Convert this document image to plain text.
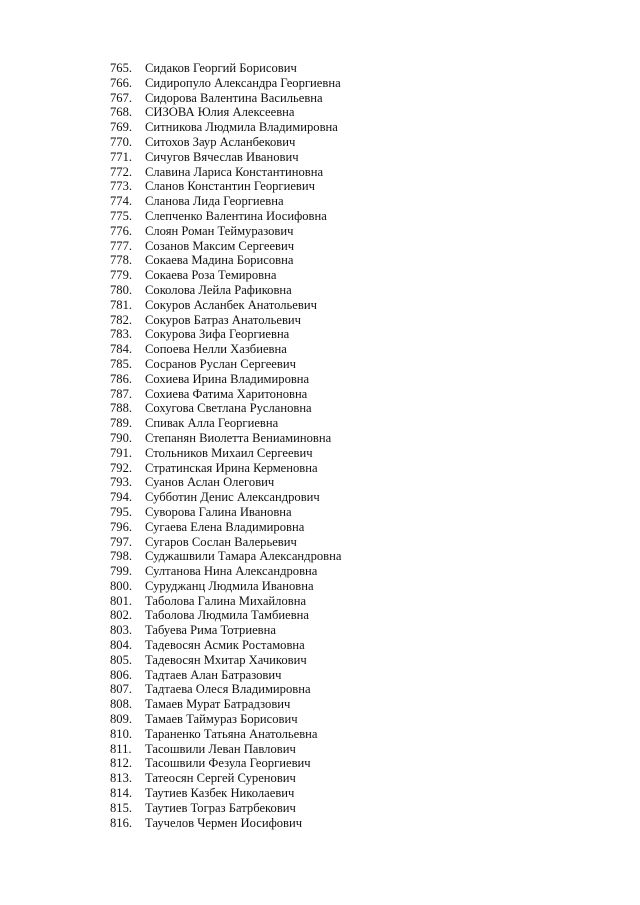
765.	Сидаков Георгий Борисович
766.	Сидиропуло Александра Георгиевна
767.	Сидорова Валентина Васильевна
768.	СИЗОВА Юлия Алексеевна
769.	Ситникова Людмила Владимировна
770.	Ситохов Заур Асланбекович
771.	Сичугов Вячеслав Иванович
772.	Славина Лариса Константиновна
773.	Сланов Константин Георгиевич
774.	Сланова Лида Георгиевна
775.	Слепченко Валентина Иосифовна
776.	Слоян Роман Теймуразович
777.	Созанов Максим Сергеевич
778.	Сокаева Мадина Борисовна
779.	Сокаева Роза Темировна
780.	Соколова Лейла Рафиковна
781.	Сокуров Асланбек Анатольевич
782.	Сокуров Батраз Анатольевич
783.	Сокурова Зифа Георгиевна
784.	Сопоева Нелли Хазбиевна
785.	Сосранов Руслан Сергеевич
786.	Сохиева Ирина Владимировна
787.	Сохиева Фатима Харитоновна
788.	Сохугова Светлана Руслановна
789.	Спивак Алла Георгиевна
790.	Степанян Виолетта Вениаминовна
791.	Стольников Михаил Сергеевич
792.	Стратинская Ирина Керменовна
793.	Суанов Аслан Олегович
794.	Субботин Денис Александрович
795.	Суворова Галина Ивановна
796.	Сугаева Елена Владимировна
797.	Сугаров Сослан Валерьевич
798.	Суджашвили Тамара Александровна
799.	Султанова Нина Александровна
800.	Суруджанц Людмила Ивановна
801.	Таболова Галина Михайловна
802.	Таболова Людмила Тамбиевна
803.	Табуева Рима Тотриевна
804.	Тадевосян Асмик Ростамовна
805.	Тадевосян Мхитар Хачикович
806.	Тадтаев Алан Батразович
807.	Тадтаева Олеся Владимировна
808.	Тамаев Мурат Батрадзович
809.	Тамаев Таймураз Борисович
810.	Тараненко Татьяна Анатольевна
811.	Тасошвили Леван Павлович
812.	Тасошвили Фезула Георгиевич
813.	Татеосян Сергей Суренович
814.	Таутиев Казбек Николаевич
815.	Таутиев Тограз Батрбекович
816.	Таучелов Чермен Иосифович
